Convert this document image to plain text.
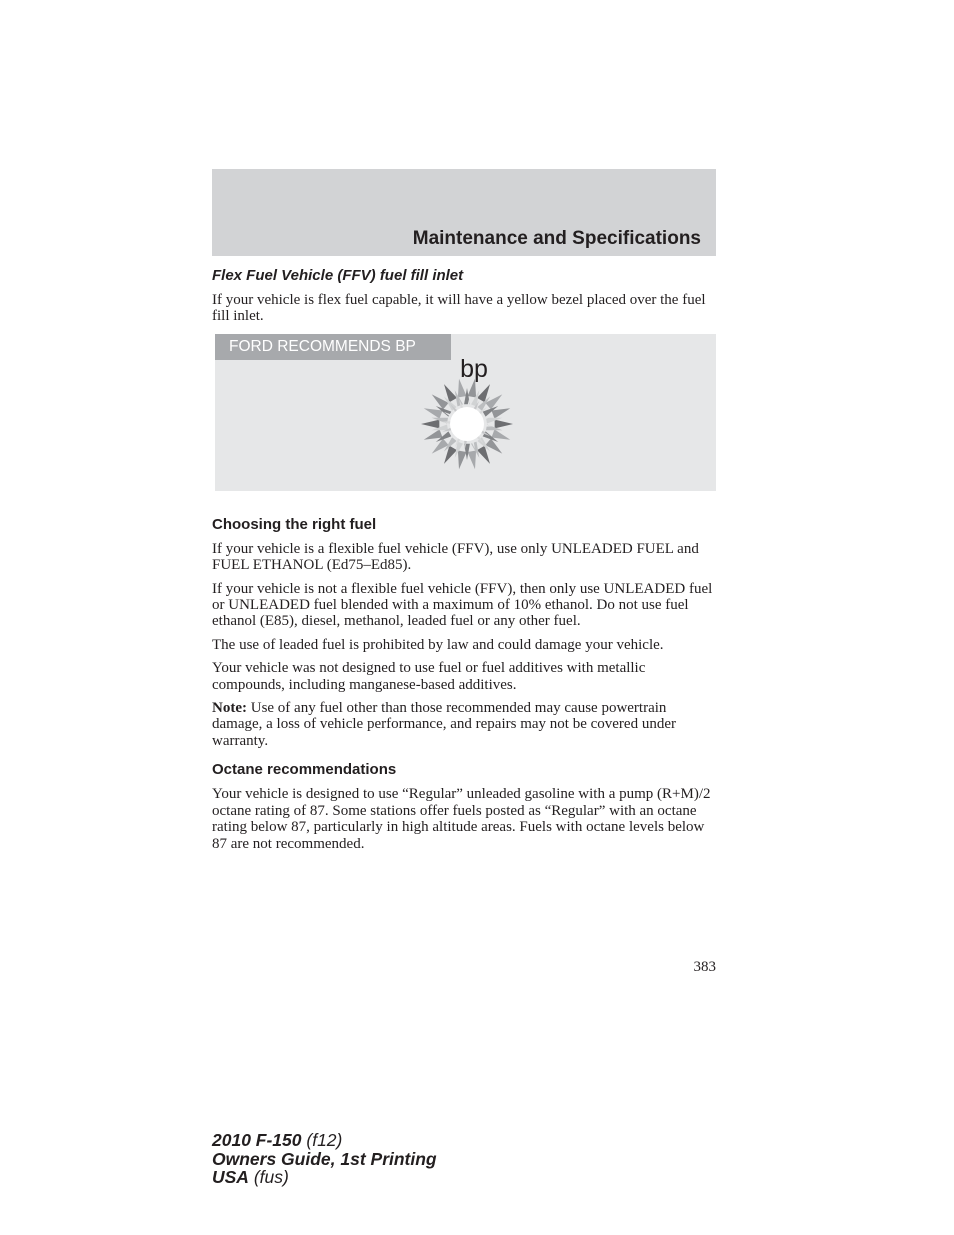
Maintenance and Specifications
Flex Fuel Vehicle (FFV) fuel fill inlet

If your vehicle is flex fuel capable, it will have a yellow bezel placed over the fuel fill inlet.

FORD RECOMMENDS BP
bp
Choosing the right fuel

If your vehicle is a flexible fuel vehicle (FFV), use only UNLEADED FUEL and FUEL ETHANOL (Ed75–Ed85).

If your vehicle is not a flexible fuel vehicle (FFV), then only use UNLEADED fuel or UNLEADED fuel blended with a maximum of 10% ethanol. Do not use fuel ethanol (E85), diesel, methanol, leaded fuel or any other fuel.

The use of leaded fuel is prohibited by law and could damage your vehicle.

Your vehicle was not designed to use fuel or fuel additives with metallic compounds, including manganese-based additives.

Note: Use of any fuel other than those recommended may cause powertrain damage, a loss of vehicle performance, and repairs may not be covered under warranty.

Octane recommendations

Your vehicle is designed to use “Regular” unleaded gasoline with a pump (R+M)/2 octane rating of 87. Some stations offer fuels posted as “Regular” with an octane rating below 87, particularly in high altitude areas. Fuels with octane levels below 87 are not recommended.

383
2010 F-150 (f12)
Owners Guide, 1st Printing
USA (fus)
